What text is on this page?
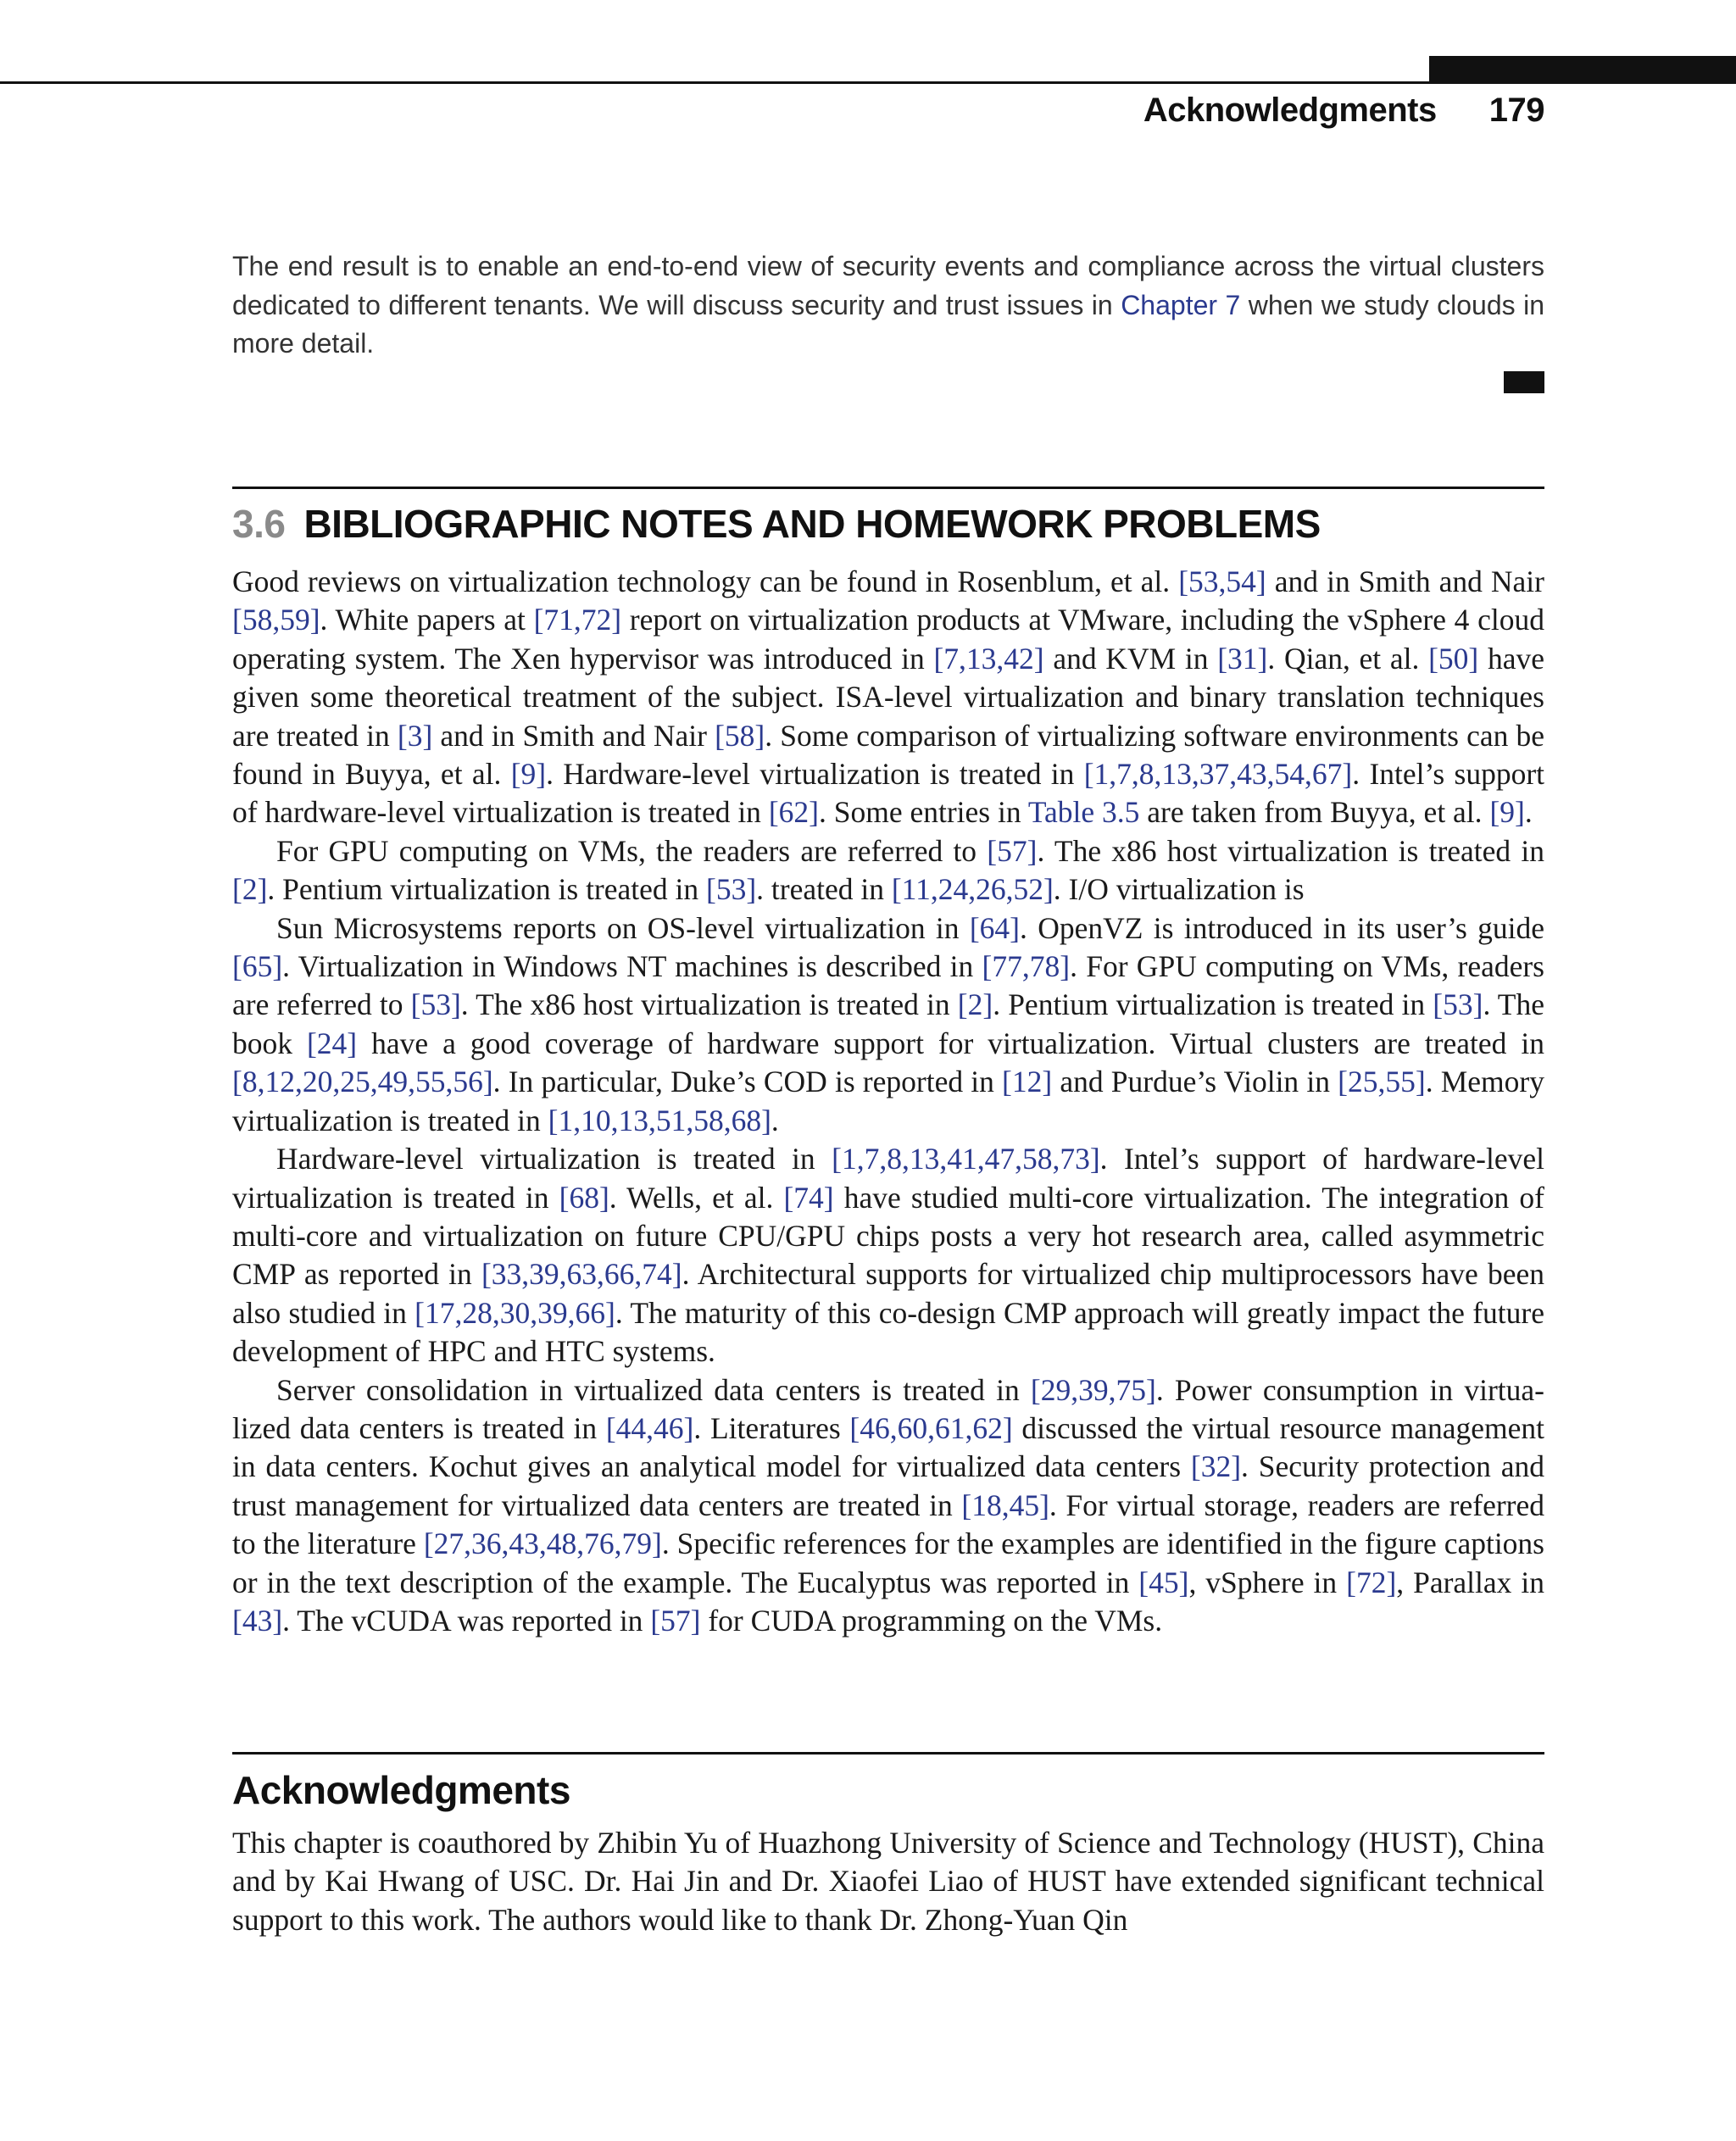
Acknowledgments 179
The end result is to enable an end-to-end view of security events and compliance across the virtual clusters dedicated to different tenants. We will discuss security and trust issues in Chapter 7 when we study clouds in more detail.
3.6 BIBLIOGRAPHIC NOTES AND HOMEWORK PROBLEMS

Good reviews on virtualization technology can be found in Rosenblum, et al. [53,54] and in Smith and Nair [58,59]. White papers at [71,72] report on virtualization products at VMware, including the vSphere 4 cloud operating system. The Xen hypervisor was introduced in [7,13,42] and KVM in [31]. Qian, et al. [50] have given some theoretical treatment of the subject. ISA-level virtualization and binary translation techniques are treated in [3] and in Smith and Nair [58]. Some comparison of virtualizing software environments can be found in Buyya, et al. [9]. Hardware-level virtualization is treated in [1,7,8,13,37,43,54,67]. Intel’s support of hardware-level virtualization is treated in [62]. Some entries in Table 3.5 are taken from Buyya, et al. [9].

For GPU computing on VMs, the readers are referred to [57]. The x86 host virtualization is treated in [2]. Pentium virtualization is treated in [53]. treated in [11,24,26,52]. I/O virtualization is

Sun Microsystems reports on OS-level virtualization in [64]. OpenVZ is introduced in its user’s guide [65]. Virtualization in Windows NT machines is described in [77,78]. For GPU computing on VMs, readers are referred to [53]. The x86 host virtualization is treated in [2]. Pentium virtualization is treated in [53]. The book [24] have a good coverage of hardware support for virtualization. Virtual clusters are treated in [8,12,20,25,49,55,56]. In particular, Duke’s COD is reported in [12] and Purdue’s Violin in [25,55]. Memory virtualization is treated in [1,10,13,51,58,68].

Hardware-level virtualization is treated in [1,7,8,13,41,47,58,73]. Intel’s support of hardware-level virtualization is treated in [68]. Wells, et al. [74] have studied multi-core virtualization. The integration of multi-core and virtualization on future CPU/GPU chips posts a very hot research area, called asymmetric CMP as reported in [33,39,63,66,74]. Architectural supports for virtualized chip multiprocessors have been also studied in [17,28,30,39,66]. The maturity of this co-design CMP approach will greatly impact the future development of HPC and HTC systems.

Server consolidation in virtualized data centers is treated in [29,39,75]. Power consumption in virtualized data centers is treated in [44,46]. Literatures [46,60,61,62] discussed the virtual resource management in data centers. Kochut gives an analytical model for virtualized data centers [32]. Security protection and trust management for virtualized data centers are treated in [18,45]. For virtual storage, readers are referred to the literature [27,36,43,48,76,79]. Specific references for the examples are identified in the figure captions or in the text description of the example. The Eucalyptus was reported in [45], vSphere in [72], Parallax in [43]. The vCUDA was reported in [57] for CUDA programming on the VMs.

Acknowledgments

This chapter is coauthored by Zhibin Yu of Huazhong University of Science and Technology (HUST), China and by Kai Hwang of USC. Dr. Hai Jin and Dr. Xiaofei Liao of HUST have extended significant technical support to this work. The authors would like to thank Dr. Zhong-Yuan Qin
